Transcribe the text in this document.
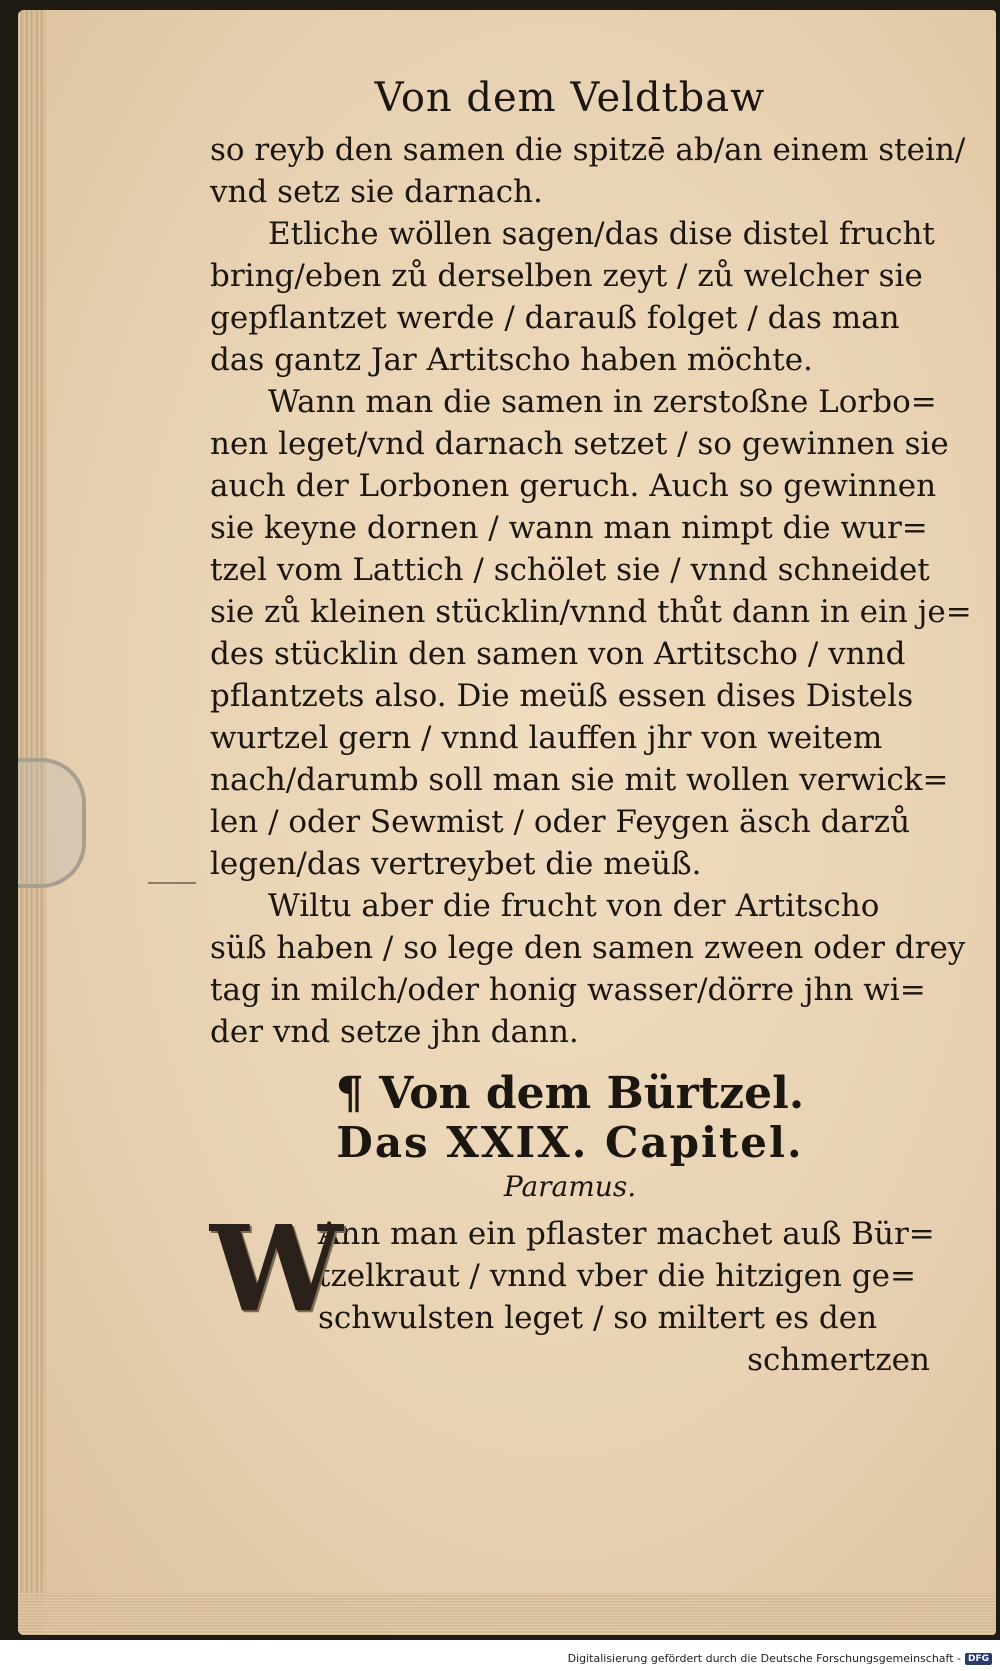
Von dem Veldtbaw

so reyb den samen die spitzē ab/an einem stein/

vnd setz sie darnach.

Etliche wöllen sagen/das dise distel frucht

bring/eben zů derselben zeyt / zů welcher sie

gepflantzet werde / darauß folget / das man

das gantz Jar Artitscho haben möchte.

Wann man die samen in zerstoßne Lorbo=

nen leget/vnd darnach setzet / so gewinnen sie

auch der Lorbonen geruch. Auch so gewinnen

sie keyne dornen / wann man nimpt die wur=

tzel vom Lattich / schölet sie / vnnd schneidet

sie zů kleinen stücklin/vnnd thůt dann in ein je=

des stücklin den samen von Artitscho / vnnd

pflantzets also. Die meüß essen dises Distels

wurtzel gern / vnnd lauffen jhr von weitem

nach/darumb soll man sie mit wollen verwick=

len / oder Sewmist / oder Feygen äsch darzů

legen/das vertreybet die meüß.

Wiltu aber die frucht von der Artitscho

süß haben / so lege den samen zween oder drey

tag in milch/oder honig wasser/dörre jhn wi=

der vnd setze jhn dann.

¶ Von dem Bürtzel.
Das XXIX. Capitel.
Paramus.
W

Ann man ein pflaster machet auß Bür=

tzelkraut / vnnd vber die hitzigen ge=

schwulsten leget / so miltert es den

schmertzen
Digitalisierung gefördert durch die Deutsche Forschungsgemeinschaft - DFG
